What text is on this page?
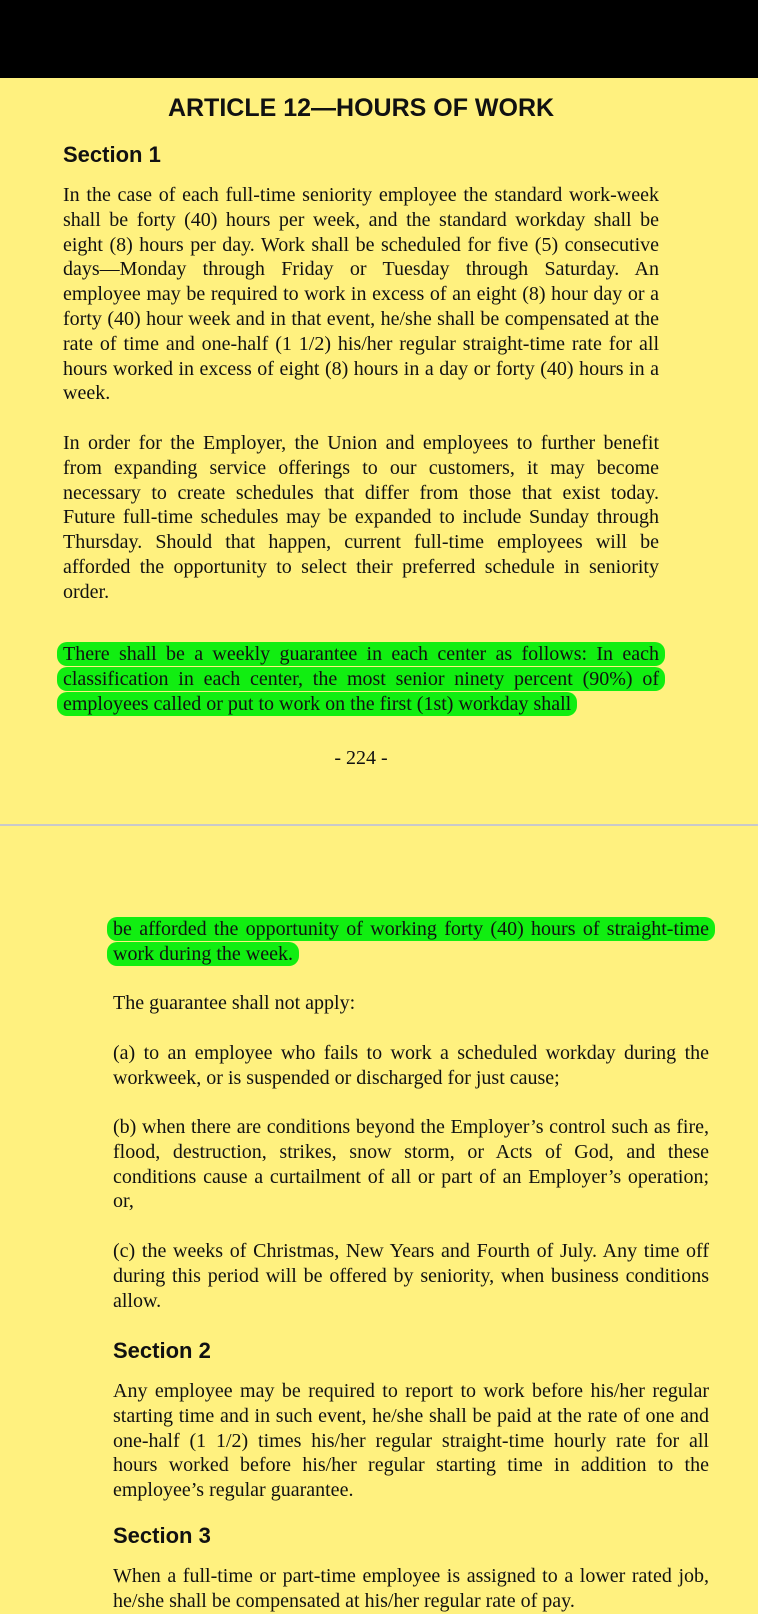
ARTICLE 12—HOURS OF WORK
Section 1

In the case of each full-time seniority employee the standard work-week shall be forty (40) hours per week, and the standard workday shall be eight (8) hours per day. Work shall be scheduled for five (5) consecutive days—Monday through Friday or Tuesday through Saturday. An employee may be required to work in excess of an eight (8) hour day or a forty (40) hour week and in that event, he/she shall be compensated at the rate of time and one-half (1 1/2) his/her regular straight-time rate for all hours worked in excess of eight (8) hours in a day or forty (40) hours in a week.

In order for the Employer, the Union and employees to further benefit from expanding service offerings to our customers, it may become necessary to create schedules that differ from those that exist today. Future full-time schedules may be expanded to include Sunday through Thursday. Should that happen, current full-time employees will be afforded the opportunity to select their preferred schedule in seniority order.

There shall be a weekly guarantee in each center as follows: In each classification in each center, the most senior ninety percent (90%) of employees called or put to work on the first (1st) workday shall

- 224 -

be afforded the opportunity of working forty (40) hours of straight-time work during the week.

The guarantee shall not apply:

(a) to an employee who fails to work a scheduled workday during the workweek, or is suspended or discharged for just cause;

(b) when there are conditions beyond the Employer’s control such as fire, flood, destruction, strikes, snow storm, or Acts of God, and these conditions cause a curtailment of all or part of an Employer’s operation; or,

(c) the weeks of Christmas, New Years and Fourth of July. Any time off during this period will be offered by seniority, when business conditions allow.

Section 2

Any employee may be required to report to work before his/her regular starting time and in such event, he/she shall be paid at the rate of one and one-half (1 1/2) times his/her regular straight-time hourly rate for all hours worked before his/her regular starting time in addition to the employee’s regular guarantee.

Section 3

When a full-time or part-time employee is assigned to a lower rated job, he/she shall be compensated at his/her regular rate of pay.
